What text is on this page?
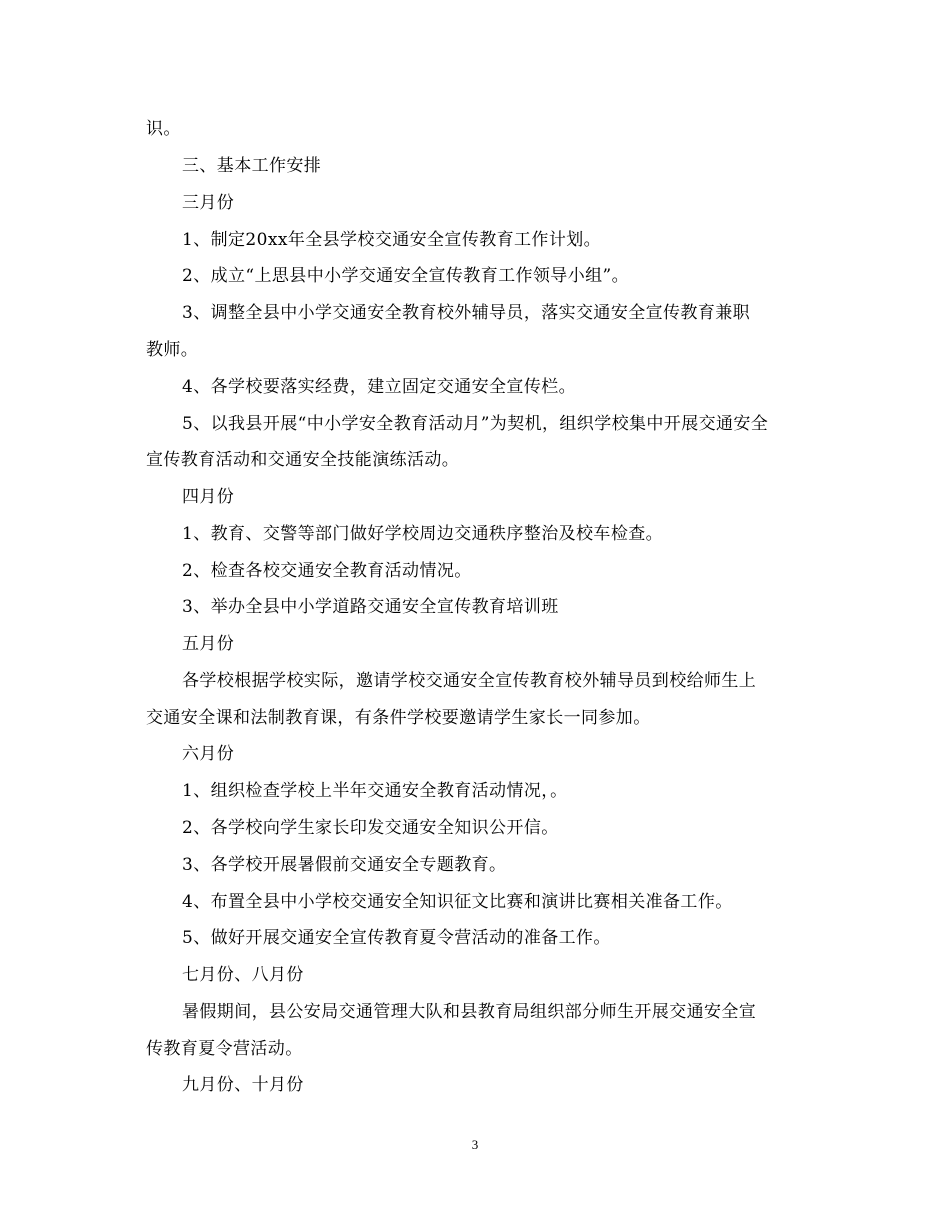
识。
三、基本工作安排
三月份
1、制定20xx年全县学校交通安全宣传教育工作计划。
2、成立“上思县中小学交通安全宣传教育工作领导小组”。
3、调整全县中小学交通安全教育校外辅导员，落实交通安全宣传教育兼职
教师。
4、各学校要落实经费，建立固定交通安全宣传栏。
5、以我县开展“中小学安全教育活动月”为契机，组织学校集中开展交通安全
宣传教育活动和交通安全技能演练活动。
四月份
1、教育、交警等部门做好学校周边交通秩序整治及校车检查。
2、检查各校交通安全教育活动情况。
3、举办全县中小学道路交通安全宣传教育培训班
五月份
各学校根据学校实际，邀请学校交通安全宣传教育校外辅导员到校给师生上
交通安全课和法制教育课，有条件学校要邀请学生家长一同参加。
六月份
1、组织检查学校上半年交通安全教育活动情况，。
2、各学校向学生家长印发交通安全知识公开信。
3、各学校开展暑假前交通安全专题教育。
4、布置全县中小学校交通安全知识征文比赛和演讲比赛相关准备工作。
5、做好开展交通安全宣传教育夏令营活动的准备工作。
七月份、八月份
暑假期间，县公安局交通管理大队和县教育局组织部分师生开展交通安全宣
传教育夏令营活动。
九月份、十月份
3
